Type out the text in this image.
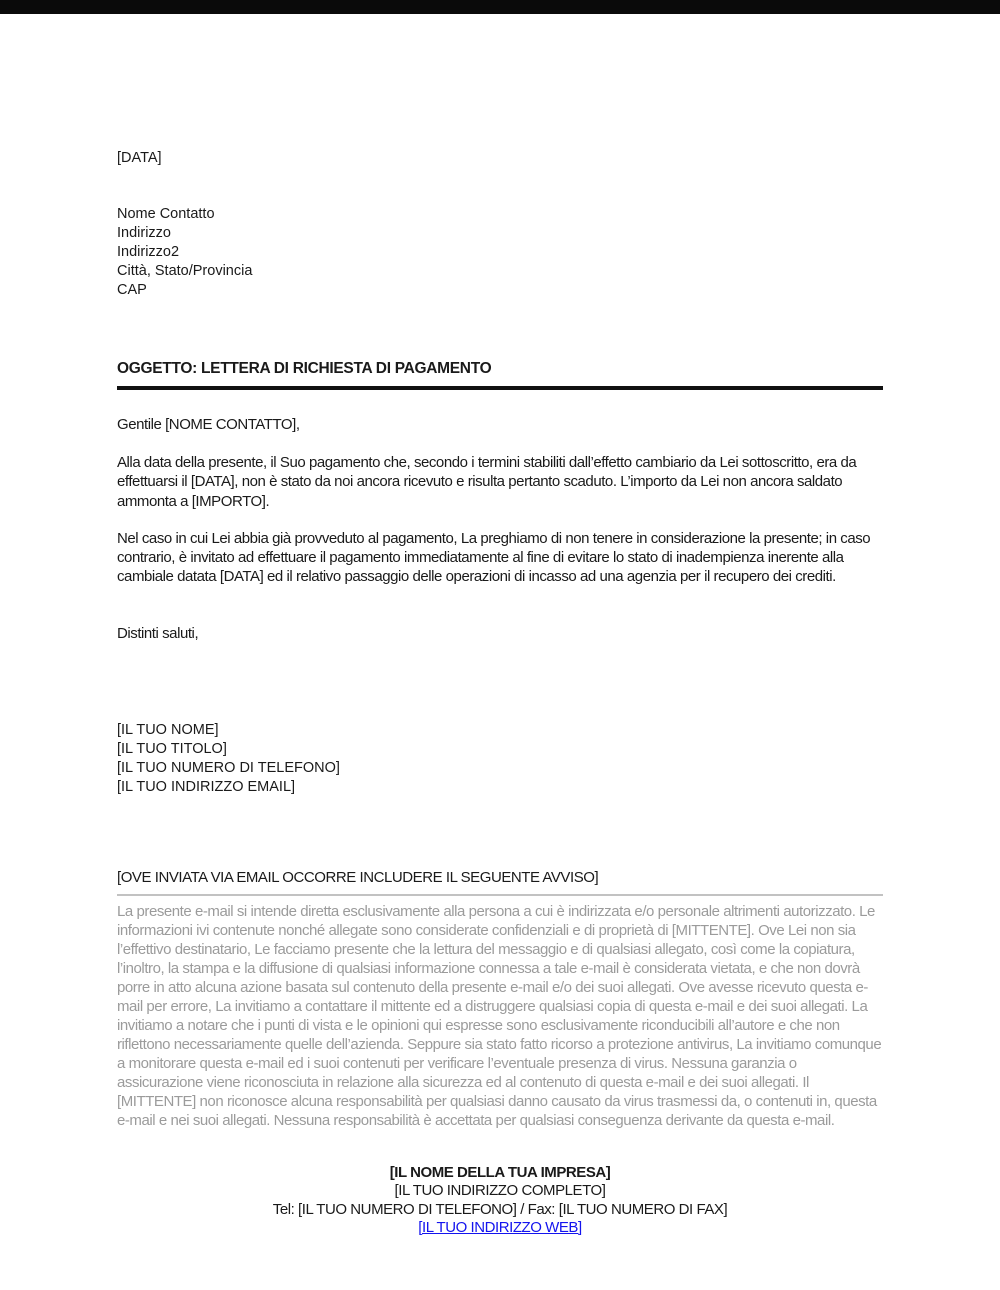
[DATA]
Nome Contatto
Indirizzo
Indirizzo2
Città, Stato/Provincia
CAP
OGGETTO: LETTERA DI RICHIESTA DI PAGAMENTO
Gentile [NOME CONTATTO],
Alla data della presente, il Suo pagamento che, secondo i termini stabiliti dall’effetto cambiario da Lei sottoscritto, era da effettuarsi il [DATA], non è stato da noi ancora ricevuto e risulta pertanto scaduto. L’importo da Lei non ancora saldato ammonta a [IMPORTO].
Nel caso in cui Lei abbia già provveduto al pagamento, La preghiamo di non tenere in considerazione la presente; in caso contrario, è invitato ad effettuare il pagamento immediatamente al fine di evitare lo stato di inadempienza inerente alla cambiale datata [DATA] ed il relativo passaggio delle operazioni di incasso ad una agenzia per il recupero dei crediti.
Distinti saluti,
[IL TUO NOME]
[IL TUO TITOLO]
[IL TUO NUMERO DI TELEFONO]
[IL TUO INDIRIZZO EMAIL]
[OVE INVIATA VIA EMAIL OCCORRE INCLUDERE IL SEGUENTE AVVISO]
La presente e-mail si intende diretta esclusivamente alla persona a cui è indirizzata e/o personale altrimenti autorizzato. Le informazioni ivi contenute nonché allegate sono considerate confidenziali e di proprietà di [MITTENTE]. Ove Lei non sia l’effettivo destinatario, Le facciamo presente che la lettura del messaggio e di qualsiasi allegato, così come la copiatura, l’inoltro, la stampa e la diffusione di qualsiasi informazione connessa a tale e-mail è considerata vietata, e che non dovrà porre in atto alcuna azione basata sul contenuto della presente e-mail e/o dei suoi allegati. Ove avesse ricevuto questa e-mail per errore, La invitiamo a contattare il mittente ed a distruggere qualsiasi copia di questa e-mail e dei suoi allegati. La invitiamo a notare che i punti di vista e le opinioni qui espresse sono esclusivamente riconducibili all’autore e che non riflettono necessariamente quelle dell’azienda. Seppure sia stato fatto ricorso a protezione antivirus, La invitiamo comunque a monitorare questa e-mail ed i suoi contenuti per verificare l’eventuale presenza di virus. Nessuna garanzia o assicurazione viene riconosciuta in relazione alla sicurezza ed al contenuto di questa e-mail e dei suoi allegati. Il [MITTENTE] non riconosce alcuna responsabilità per qualsiasi danno causato da virus trasmessi da, o contenuti in, questa e-mail e nei suoi allegati. Nessuna responsabilità è accettata per qualsiasi conseguenza derivante da questa e-mail.
[IL NOME DELLA TUA IMPRESA]
[IL TUO INDIRIZZO COMPLETO]
Tel: [IL TUO NUMERO DI TELEFONO] / Fax: [IL TUO NUMERO DI FAX]
[IL TUO INDIRIZZO WEB]
